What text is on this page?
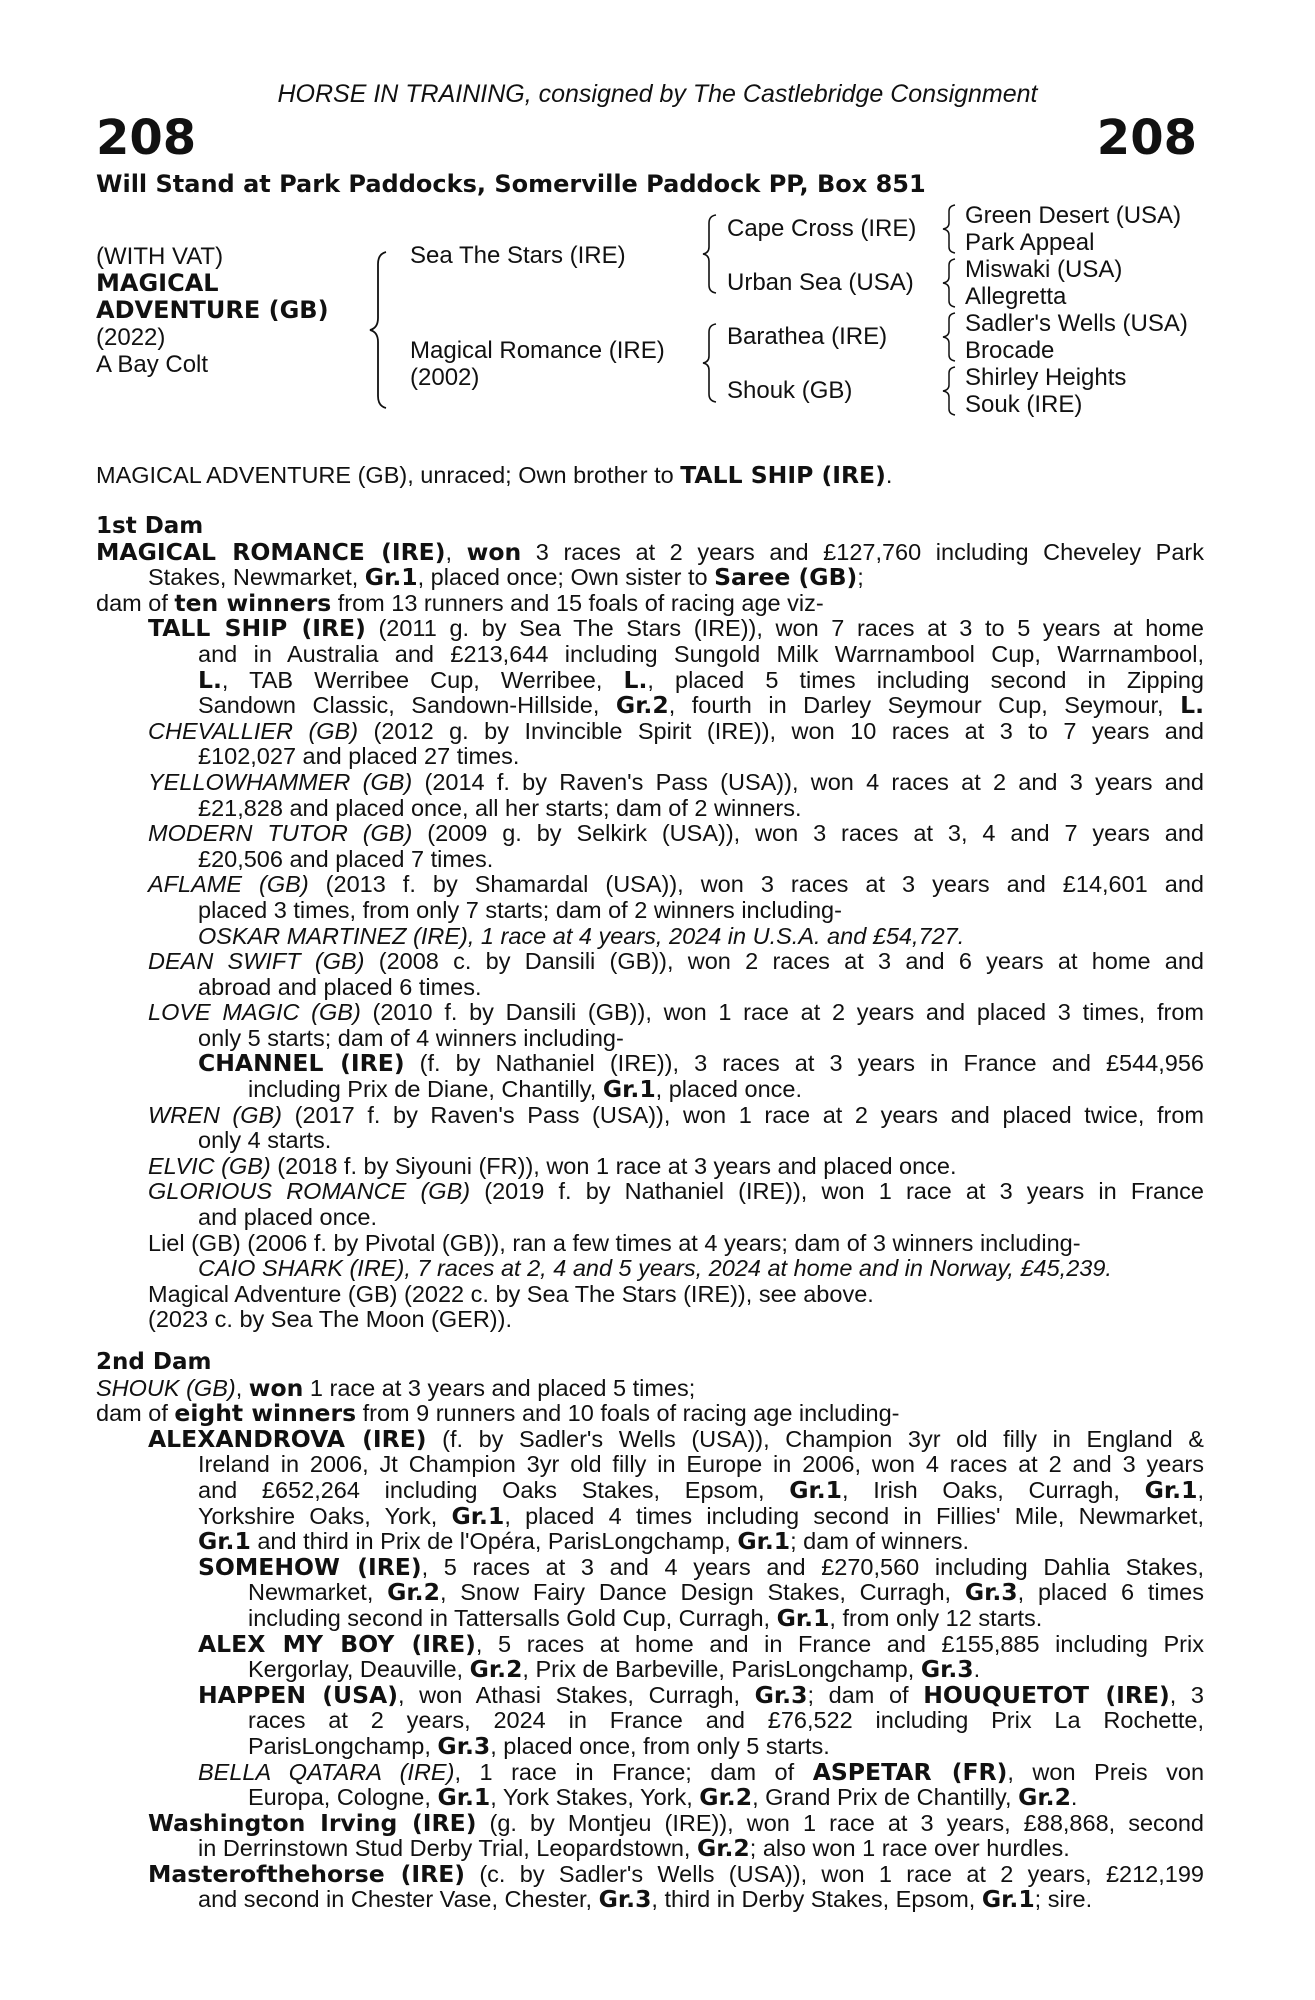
HORSE IN TRAINING, consigned by The Castlebridge Consignment
208	208
Will Stand at Park Paddocks, Somerville Paddock PP, Box 851
(WITH VAT)
MAGICAL
ADVENTURE (GB)
(2022)
A Bay Colt
Sea The Stars (IRE)
Magical Romance (IRE)
(2002)
Cape Cross (IRE)
Urban Sea (USA)
Barathea (IRE)
Shouk (GB)
Green Desert (USA)
Park Appeal
Miswaki (USA)
Allegretta
Sadler's Wells (USA)
Brocade
Shirley Heights
Souk (IRE)
MAGICAL ADVENTURE (GB), unraced; Own brother to TALL SHIP (IRE).
1st Dam
MAGICAL ROMANCE (IRE), won 3 races at 2 years and £127,760 including Cheveley Park
Stakes, Newmarket, Gr.1, placed once; Own sister to Saree (GB);
dam of ten winners from 13 runners and 15 foals of racing age viz-
TALL SHIP (IRE) (2011 g. by Sea The Stars (IRE)), won 7 races at 3 to 5 years at home
and in Australia and £213,644 including Sungold Milk Warrnambool Cup, Warrnambool,
L., TAB Werribee Cup, Werribee, L., placed 5 times including second in Zipping
Sandown Classic, Sandown-Hillside, Gr.2, fourth in Darley Seymour Cup, Seymour, L.
CHEVALLIER (GB) (2012 g. by Invincible Spirit (IRE)), won 10 races at 3 to 7 years and
£102,027 and placed 27 times.
YELLOWHAMMER (GB) (2014 f. by Raven's Pass (USA)), won 4 races at 2 and 3 years and
£21,828 and placed once, all her starts; dam of 2 winners.
MODERN TUTOR (GB) (2009 g. by Selkirk (USA)), won 3 races at 3, 4 and 7 years and
£20,506 and placed 7 times.
AFLAME (GB) (2013 f. by Shamardal (USA)), won 3 races at 3 years and £14,601 and
placed 3 times, from only 7 starts; dam of 2 winners including-
OSKAR MARTINEZ (IRE), 1 race at 4 years, 2024 in U.S.A. and £54,727.
DEAN SWIFT (GB) (2008 c. by Dansili (GB)), won 2 races at 3 and 6 years at home and
abroad and placed 6 times.
LOVE MAGIC (GB) (2010 f. by Dansili (GB)), won 1 race at 2 years and placed 3 times, from
only 5 starts; dam of 4 winners including-
CHANNEL (IRE) (f. by Nathaniel (IRE)), 3 races at 3 years in France and £544,956
including Prix de Diane, Chantilly, Gr.1, placed once.
WREN (GB) (2017 f. by Raven's Pass (USA)), won 1 race at 2 years and placed twice, from
only 4 starts.
ELVIC (GB) (2018 f. by Siyouni (FR)), won 1 race at 3 years and placed once.
GLORIOUS ROMANCE (GB) (2019 f. by Nathaniel (IRE)), won 1 race at 3 years in France
and placed once.
Liel (GB) (2006 f. by Pivotal (GB)), ran a few times at 4 years; dam of 3 winners including-
CAIO SHARK (IRE), 7 races at 2, 4 and 5 years, 2024 at home and in Norway, £45,239.
Magical Adventure (GB) (2022 c. by Sea The Stars (IRE)), see above.
(2023 c. by Sea The Moon (GER)).
2nd Dam
SHOUK (GB), won 1 race at 3 years and placed 5 times;
dam of eight winners from 9 runners and 10 foals of racing age including-
ALEXANDROVA (IRE) (f. by Sadler's Wells (USA)), Champion 3yr old filly in England &
Ireland in 2006, Jt Champion 3yr old filly in Europe in 2006, won 4 races at 2 and 3 years
and £652,264 including Oaks Stakes, Epsom, Gr.1, Irish Oaks, Curragh, Gr.1,
Yorkshire Oaks, York, Gr.1, placed 4 times including second in Fillies' Mile, Newmarket,
Gr.1 and third in Prix de l'Opéra, ParisLongchamp, Gr.1; dam of winners.
SOMEHOW (IRE), 5 races at 3 and 4 years and £270,560 including Dahlia Stakes,
Newmarket, Gr.2, Snow Fairy Dance Design Stakes, Curragh, Gr.3, placed 6 times
including second in Tattersalls Gold Cup, Curragh, Gr.1, from only 12 starts.
ALEX MY BOY (IRE), 5 races at home and in France and £155,885 including Prix
Kergorlay, Deauville, Gr.2, Prix de Barbeville, ParisLongchamp, Gr.3.
HAPPEN (USA), won Athasi Stakes, Curragh, Gr.3; dam of HOUQUETOT (IRE), 3
races at 2 years, 2024 in France and £76,522 including Prix La Rochette,
ParisLongchamp, Gr.3, placed once, from only 5 starts.
BELLA QATARA (IRE), 1 race in France; dam of ASPETAR (FR), won Preis von
Europa, Cologne, Gr.1, York Stakes, York, Gr.2, Grand Prix de Chantilly, Gr.2.
Washington Irving (IRE) (g. by Montjeu (IRE)), won 1 race at 3 years, £88,868, second
in Derrinstown Stud Derby Trial, Leopardstown, Gr.2; also won 1 race over hurdles.
Masterofthehorse (IRE) (c. by Sadler's Wells (USA)), won 1 race at 2 years, £212,199
and second in Chester Vase, Chester, Gr.3, third in Derby Stakes, Epsom, Gr.1; sire.
